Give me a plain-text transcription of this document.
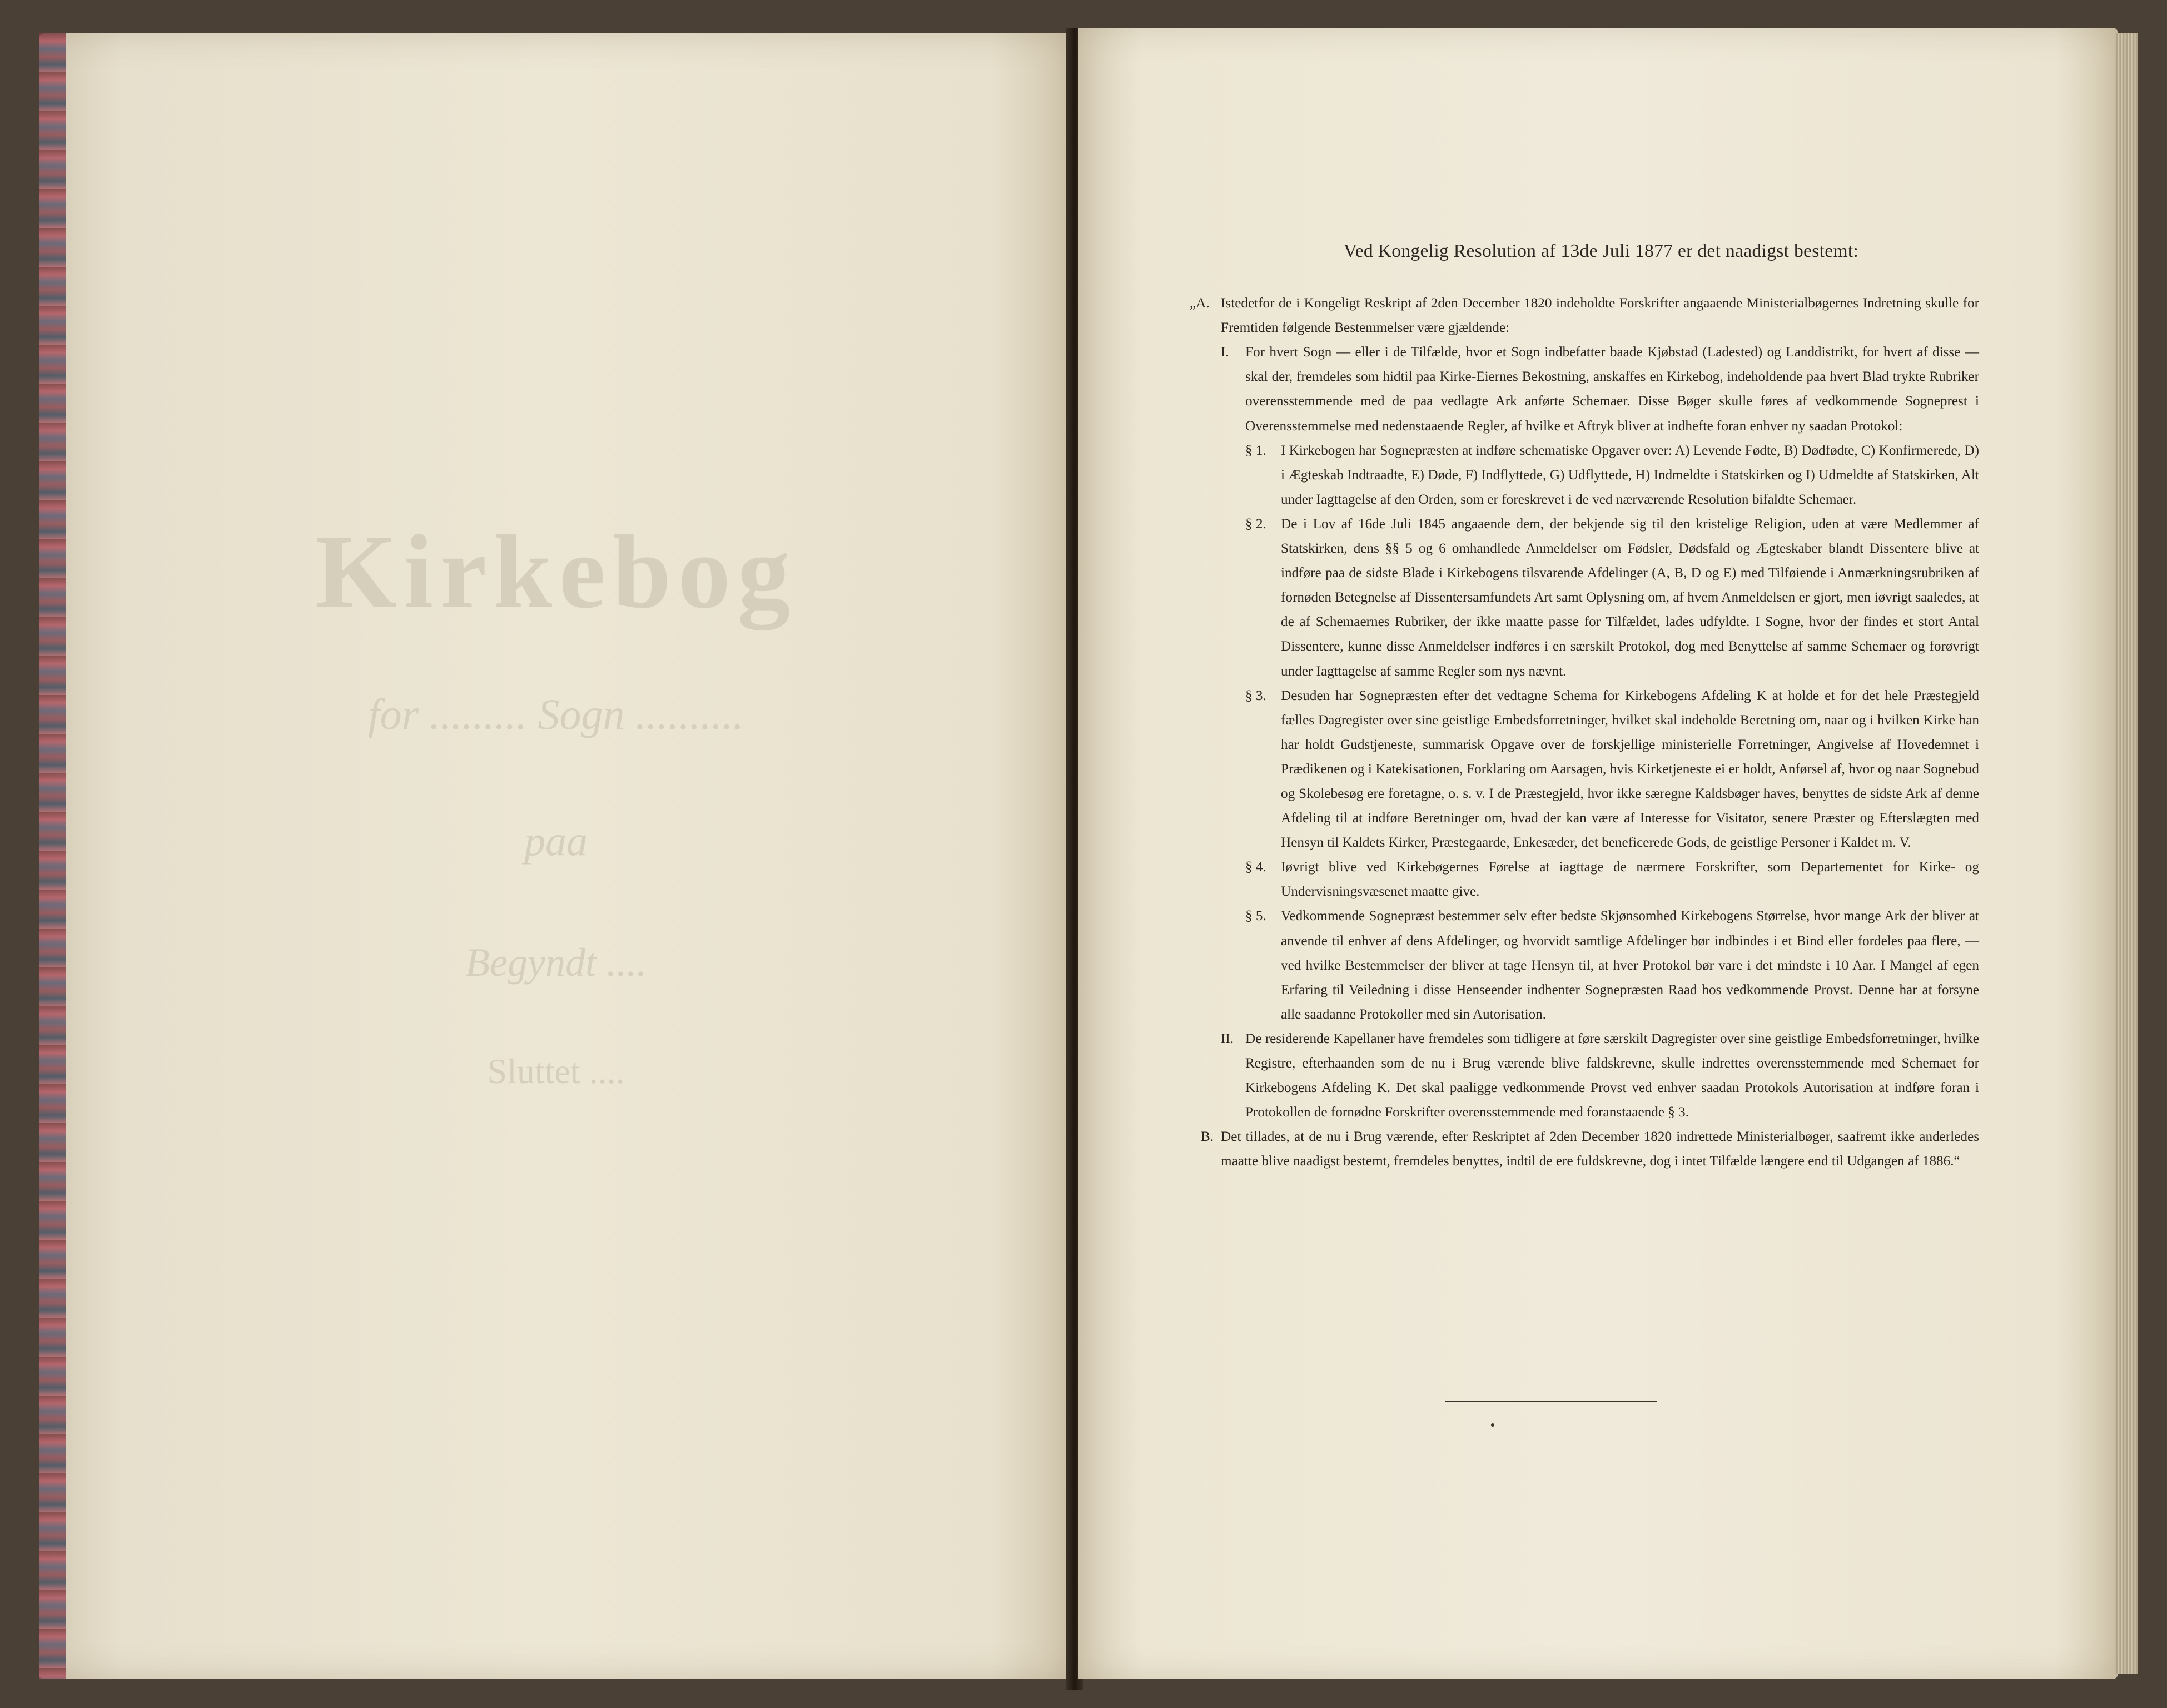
Kirkebog
for ......... Sogn ..........
paa
Begyndt ....
Sluttet ....
Ved Kongelig Resolution af 13de Juli 1877 er det naadigst bestemt:
„A. Istedetfor de i Kongeligt Reskript af 2den December 1820 indeholdte Forskrifter angaaende Ministerialbøgernes Indretning skulle for Fremtiden følgende Bestemmelser være gjældende:

I.	For hvert Sogn — eller i de Tilfælde, hvor et Sogn indbefatter baade Kjøbstad (Ladested) og Landdistrikt, for hvert af disse — skal der, fremdeles som hidtil paa Kirke-Eiernes Bekostning, anskaffes en Kirkebog, indeholdende paa hvert Blad trykte Rubriker overensstemmende med de paa vedlagte Ark anførte Schemaer. Disse Bøger skulle føres af vedkommende Sogneprest i Overensstemmelse med nedenstaaende Regler, af hvilke et Aftryk bliver at indhefte foran enhver ny saadan Protokol:

§ 1.	I Kirkebogen har Sognepræsten at indføre schematiske Opgaver over: A) Levende Fødte, B) Dødfødte, C) Konfirmerede, D) i Ægteskab Indtraadte, E) Døde, F) Indflyttede, G) Udflyttede, H) Indmeldte i Statskirken og I) Udmeldte af Statskirken, Alt under Iagttagelse af den Orden, som er foreskrevet i de ved nærværende Resolution bifaldte Schemaer.

§ 2.	De i Lov af 16de Juli 1845 angaaende dem, der bekjende sig til den kristelige Religion, uden at være Medlemmer af Statskirken, dens §§ 5 og 6 omhandlede Anmeldelser om Fødsler, Dødsfald og Ægteskaber blandt Dissentere blive at indføre paa de sidste Blade i Kirkebogens tilsvarende Afdelinger (A, B, D og E) med Tilføiende i Anmærkningsrubriken af fornøden Betegnelse af Dissentersamfundets Art samt Oplysning om, af hvem Anmeldelsen er gjort, men iøvrigt saaledes, at de af Schemaernes Rubriker, der ikke maatte passe for Tilfældet, lades udfyldte. I Sogne, hvor der findes et stort Antal Dissentere, kunne disse Anmeldelser indføres i en særskilt Protokol, dog med Benyttelse af samme Schemaer og forøvrigt under Iagttagelse af samme Regler som nys nævnt.

§ 3.	Desuden har Sognepræsten efter det vedtagne Schema for Kirkebogens Afdeling K at holde et for det hele Præstegjeld fælles Dagregister over sine geistlige Embedsforretninger, hvilket skal indeholde Beretning om, naar og i hvilken Kirke han har holdt Gudstjeneste, summarisk Opgave over de forskjellige ministerielle Forretninger, Angivelse af Hovedemnet i Prædikenen og i Katekisationen, Forklaring om Aarsagen, hvis Kirketjeneste ei er holdt, Anførsel af, hvor og naar Sognebud og Skolebesøg ere foretagne, o. s. v. I de Præstegjeld, hvor ikke særegne Kaldsbøger haves, benyttes de sidste Ark af denne Afdeling til at indføre Beretninger om, hvad der kan være af Interesse for Visitator, senere Præster og Efterslægten med Hensyn til Kaldets Kirker, Præstegaarde, Enkesæder, det beneficerede Gods, de geistlige Personer i Kaldet m. V.

§ 4.	Iøvrigt blive ved Kirkebøgernes Førelse at iagttage de nærmere Forskrifter, som Departementet for Kirke- og Undervisningsvæsenet maatte give.

§ 5.	Vedkommende Sognepræst bestemmer selv efter bedste Skjønsomhed Kirkebogens Størrelse, hvor mange Ark der bliver at anvende til enhver af dens Afdelinger, og hvorvidt samtlige Afdelinger bør indbindes i et Bind eller fordeles paa flere, — ved hvilke Bestemmelser der bliver at tage Hensyn til, at hver Protokol bør vare i det mindste i 10 Aar. I Mangel af egen Erfaring til Veiledning i disse Henseender indhenter Sognepræsten Raad hos vedkommende Provst. Denne har at forsyne alle saadanne Protokoller med sin Autorisation.

II. De residerende Kapellaner have fremdeles som tidligere at føre særskilt Dagregister over sine geistlige Embedsforretninger, hvilke Registre, efterhaanden som de nu i Brug værende blive faldskrevne, skulle indrettes overensstemmende med Schemaet for Kirkebogens Afdeling K. Det skal paaligge vedkommende Provst ved enhver saadan Protokols Autorisation at indføre foran i Protokollen de fornødne Forskrifter overensstemmende med foranstaaende § 3.

B. Det tillades, at de nu i Brug værende, efter Reskriptet af 2den December 1820 indrettede Ministerialbøger, saafremt ikke anderledes maatte blive naadigst bestemt, fremdeles benyttes, indtil de ere fuldskrevne, dog i intet Tilfælde længere end til Udgangen af 1886.“
